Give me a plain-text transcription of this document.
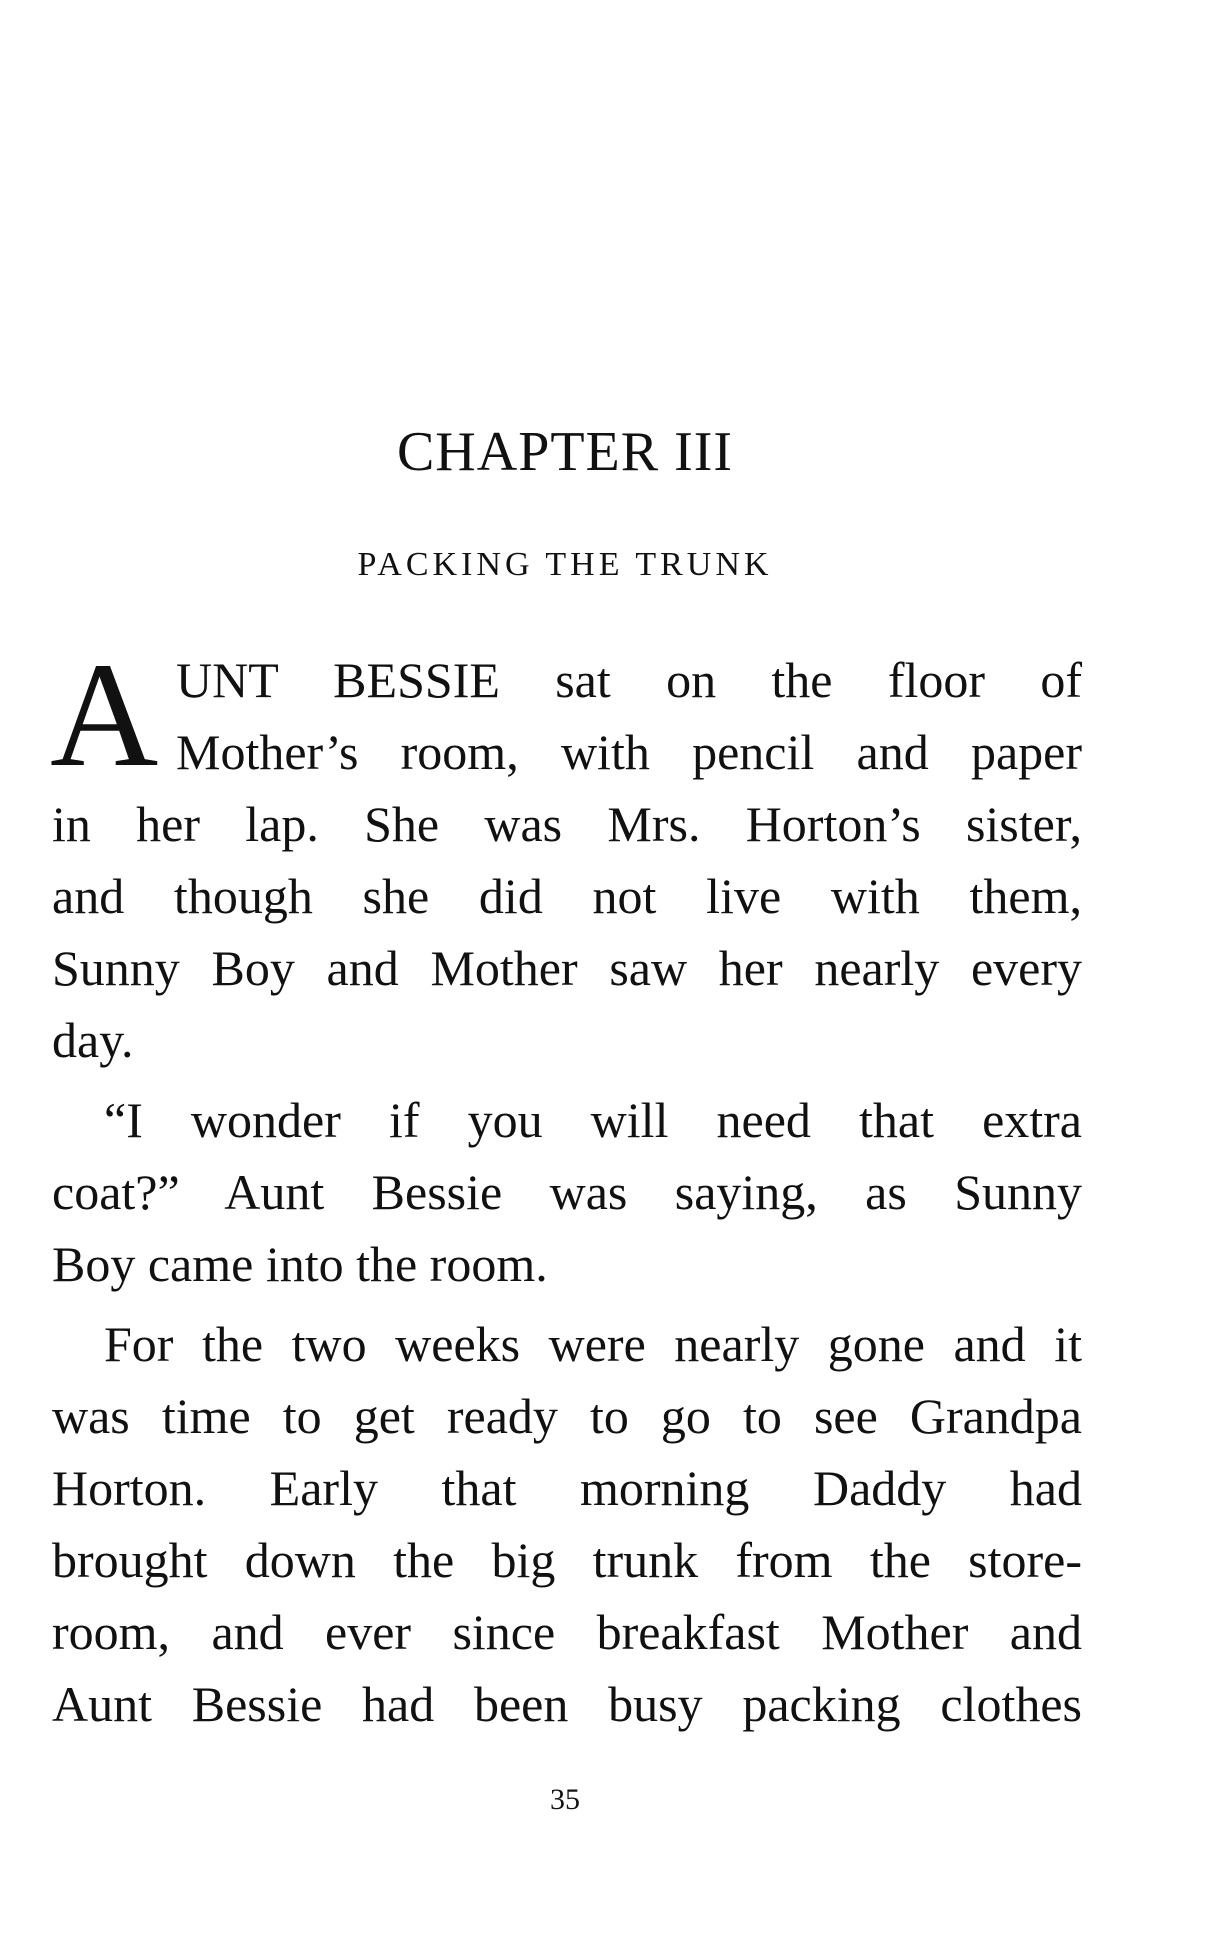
CHAPTER III
PACKING THE TRUNK
A UNT BESSIE sat on the floor of
Mother’s room, with pencil and paper
in her lap. She was Mrs. Horton’s sister,
and though she did not live with them,
Sunny Boy and Mother saw her nearly every
day.
“I wonder if you will need that extra
coat?” Aunt Bessie was saying, as Sunny
Boy came into the room.
For the two weeks were nearly gone and it
was time to get ready to go to see Grandpa
Horton. Early that morning Daddy had
brought down the big trunk from the store-
room, and ever since breakfast Mother and
Aunt Bessie had been busy packing clothes
35
